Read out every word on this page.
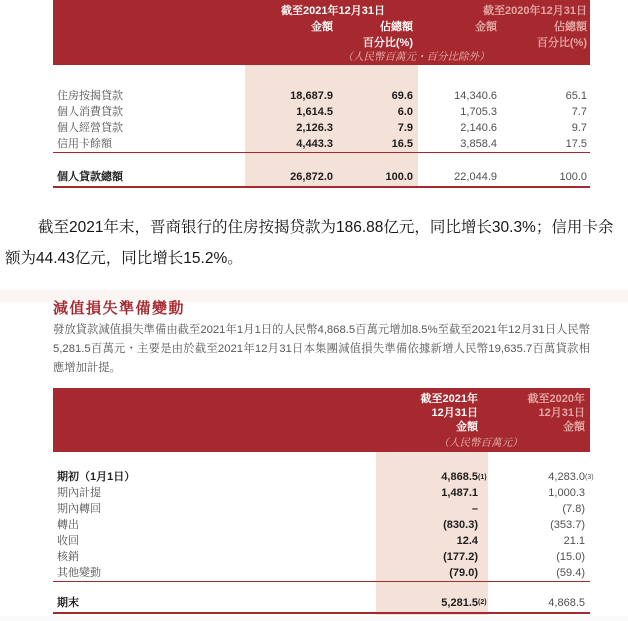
截至2021年12月31日	截至2020年12月31日
金額	佔總額	金額	佔總額
百分比(%)	百分比(%)
（人民幣百萬元・百分比除外）
住房按揭貸款	18,687.9	69.6	14,340.6	65.1
個人消費貸款	1,614.5	6.0	1,705.3	7.7
個人經營貸款	2,126.3	7.9	2,140.6	9.7
信用卡餘額	4,443.3	16.5	3,858.4	17.5
個人貸款總額	26,872.0	100.0	22,044.9	100.0

截至2021年末，晋商银行的住房按揭贷款为186.88亿元，同比增长30.3%；信用卡余额为44.43亿元，同比增长15.2%。

減值損失準備變動

發放貸款減值損失準備由截至2021年1月1日的人民幣4,868.5百萬元增加8.5%至截至2021年12月31日人民幣5,281.5百萬元・主要是由於截至2021年12月31日本集團減值損失準備依據新增人民幣19,635.7百萬貸款相應增加計提。

截至2021年	截至2020年
12月31日	12月31日
金額	金額
（人民幣百萬元）
期初（1月1日）	4,868.5 (1)	4,283.0 (3)
期內計提	1,487.1	1,000.3
期內轉回	–	(7.8)
轉出	(830.3)	(353.7)
收回	12.4	21.1
核銷	(177.2)	(15.0)
其他變動	(79.0)	(59.4)
期末	5,281.5 (2)	4,868.5
